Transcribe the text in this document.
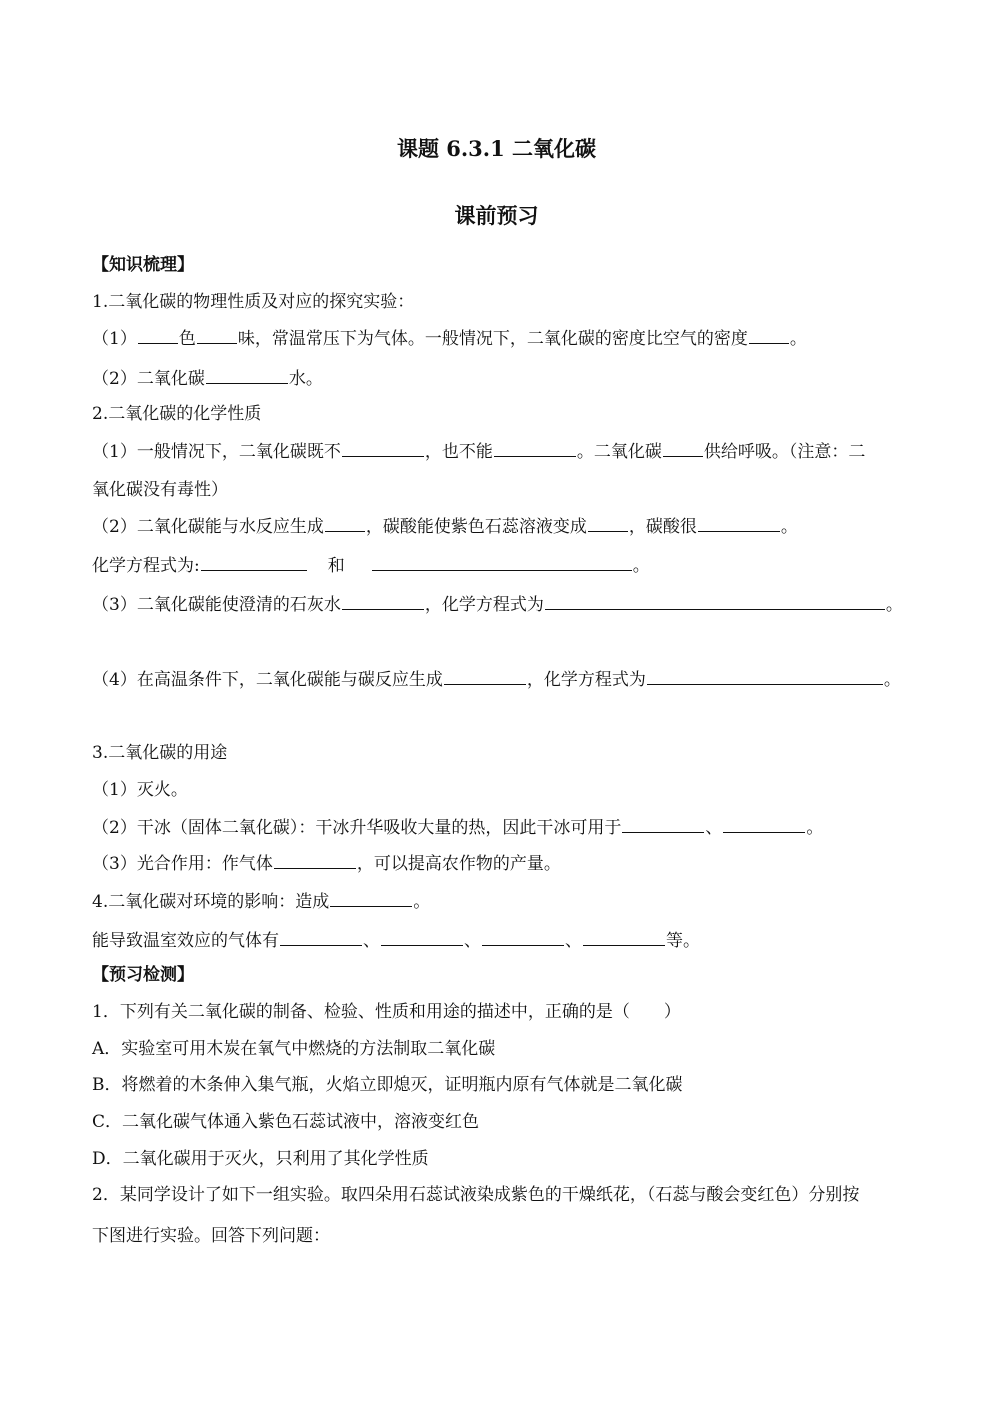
课题 6.3.1 二氧化碳
课前预习
【知识梳理】
1.二氧化碳的物理性质及对应的探究实验：
（1） 色 味，常温常压下为气体。一般情况下，二氧化碳的密度比空气的密度 。
（2）二氧化碳	水。
2.二氧化碳的化学性质
（1）一般情况下，二氧化碳既不	，也不能	。二氧化碳 供给呼吸。（注意：二
氧化碳没有毒性）
（2）二氧化碳能与水反应生成 ，碳酸能使紫色石蕊溶液变成 ，碳酸很	。
化学方程式为:	和	。
（3）二氧化碳能使澄清的石灰水	，化学方程式为	。
（4）在高温条件下，二氧化碳能与碳反应生成	，化学方程式为	。
3.二氧化碳的用途
（1）灭火。
（2）干冰（固体二氧化碳）：干冰升华吸收大量的热，因此干冰可用于	、	。
（3）光合作用：作气体	，可以提高农作物的产量。
4.二氧化碳对环境的影响：造成	。
能导致温室效应的气体有	、	、	、	等。
【预习检测】
1．下列有关二氧化碳的制备、检验、性质和用途的描述中，正确的是（　　）
A．实验室可用木炭在氧气中燃烧的方法制取二氧化碳
B．将燃着的木条伸入集气瓶，火焰立即熄灭，证明瓶内原有气体就是二氧化碳
C．二氧化碳气体通入紫色石蕊试液中，溶液变红色
D．二氧化碳用于灭火，只利用了其化学性质
2．某同学设计了如下一组实验。取四朵用石蕊试液染成紫色的干燥纸花，（石蕊与酸会变红色）分别按
下图进行实验。回答下列问题：
